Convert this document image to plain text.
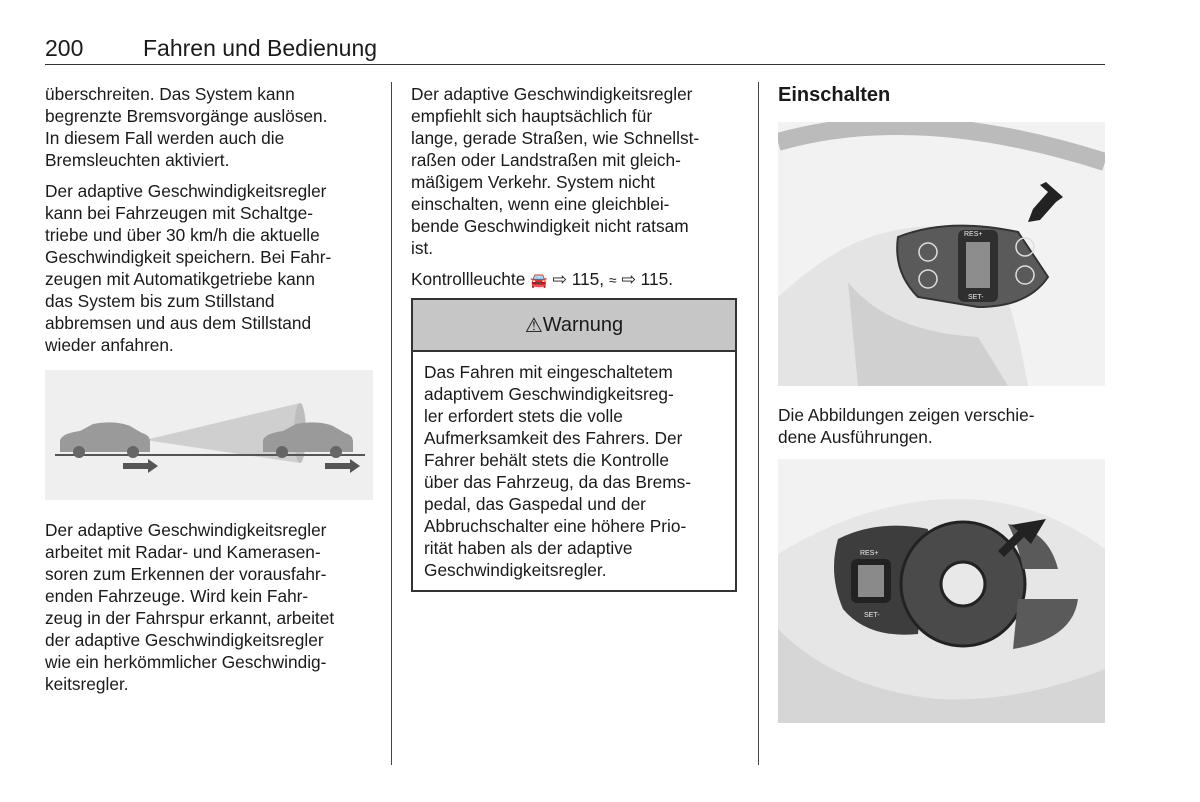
200	Fahren und Bedienung

überschreiten. Das System kann
begrenzte Bremsvorgänge auslösen.
In diesem Fall werden auch die
Bremsleuchten aktiviert.

Der adaptive Geschwindigkeitsregler
kann bei Fahrzeugen mit Schaltge-
triebe und über 30 km/h die aktuelle
Geschwindigkeit speichern. Bei Fahr-
zeugen mit Automatikgetriebe kann
das System bis zum Stillstand
abbremsen und aus dem Stillstand
wieder anfahren.

Der adaptive Geschwindigkeitsregler
arbeitet mit Radar- und Kamerasen-
soren zum Erkennen der vorausfahr-
enden Fahrzeuge. Wird kein Fahr-
zeug in der Fahrspur erkannt, arbeitet
der adaptive Geschwindigkeitsregler
wie ein herkömmlicher Geschwindig-
keitsregler.

Der adaptive Geschwindigkeitsregler
empfiehlt sich hauptsächlich für
lange, gerade Straßen, wie Schnellst-
raßen oder Landstraßen mit gleich-
mäßigem Verkehr. System nicht
einschalten, wenn eine gleichblei-
bende Geschwindigkeit nicht ratsam
ist.

Kontrollleuchte 🚘 ⇨ 115, ≈ ⇨ 115.

⚠ Warnung
Das Fahren mit eingeschaltetem
adaptivem Geschwindigkeitsreg-
ler erfordert stets die volle
Aufmerksamkeit des Fahrers. Der
Fahrer behält stets die Kontrolle
über das Fahrzeug, da das Brems-
pedal, das Gaspedal und der
Abbruchschalter eine höhere Prio-
rität haben als der adaptive
Geschwindigkeitsregler.
Einschalten
RES+
SET-

Die Abbildungen zeigen verschie-
dene Ausführungen.

RES+
SET-
